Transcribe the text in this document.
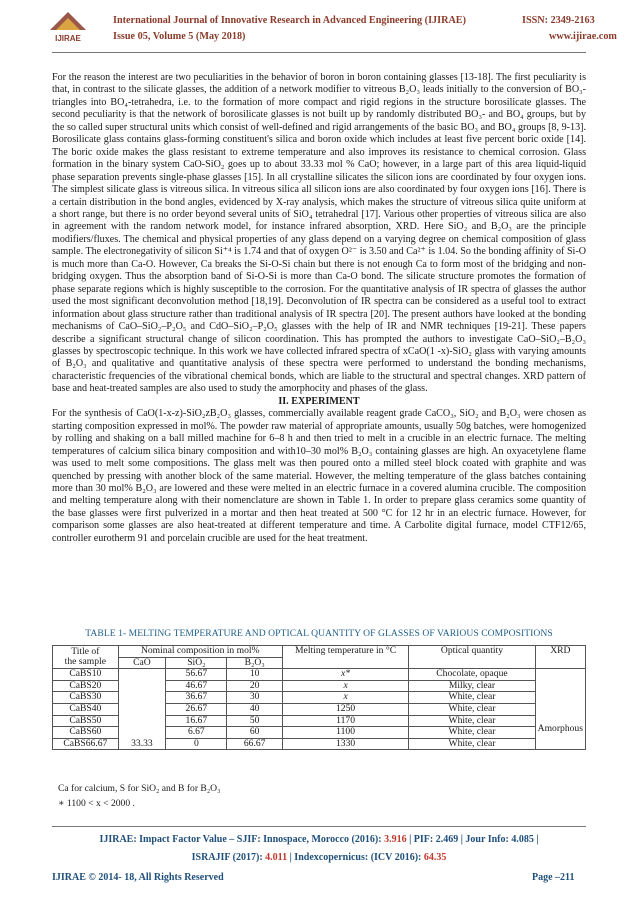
IJIRAE
International Journal of Innovative Research in Advanced Engineering (IJIRAE)	ISSN: 2349-2163
Issue 05, Volume 5 (May 2018)	www.ijirae.com

For the reason the interest are two peculiarities in the behavior of boron in boron containing glasses [13-18]. The first peculiarity is that, in contrast to the silicate glasses, the addition of a network modifier to vitreous B₂O₃ leads initially to the conversion of BO₃-triangles into BO₄-tetrahedra, i.e. to the formation of more compact and rigid regions in the structure borosilicate glasses. The second peculiarity is that the network of borosilicate glasses is not built up by randomly distributed BO₃- and BO₄ groups, but by the so called super structural units which consist of well-defined and rigid arrangements of the basic BO₃ and BO₄ groups [8, 9-13]. Borosilicate glass contains glass-forming constituent's silica and boron oxide which includes at least five percent boric oxide [14]. The boric oxide makes the glass resistant to extreme temperature and also improves its resistance to chemical corrosion. Glass formation in the binary system CaO-SiO₂ goes up to about 33.33 mol % CaO; however, in a large part of this area liquid-liquid phase separation prevents single-phase glasses [15]. In all crystalline silicates the silicon ions are coordinated by four oxygen ions. The simplest silicate glass is vitreous silica. In vitreous silica all silicon ions are also coordinated by four oxygen ions [16]. There is a certain distribution in the bond angles, evidenced by X-ray analysis, which makes the structure of vitreous silica quite uniform at a short range, but there is no order beyond several units of SiO₄ tetrahedral [17]. Various other properties of vitreous silica are also in agreement with the random network model, for instance infrared absorption, XRD. Here SiO₂ and B₂O₃ are the principle modifiers/fluxes. The chemical and physical properties of any glass depend on a varying degree on chemical composition of glass sample. The electronegativity of silicon Si⁺⁴ is 1.74 and that of oxygen O²⁻ is 3.50 and Ca²⁺ is 1.04. So the bonding affinity of Si-O is much more than Ca-O. However, Ca breaks the Si-O-Si chain but there is not enough Ca to form most of the bridging and non-bridging oxygen. Thus the absorption band of Si-O-Si is more than Ca-O bond. The silicate structure promotes the formation of phase separate regions which is highly susceptible to the corrosion. For the quantitative analysis of IR spectra of glasses the author used the most significant deconvolution method [18,19]. Deconvolution of IR spectra can be considered as a useful tool to extract information about glass structure rather than traditional analysis of IR spectra [20]. The present authors have looked at the bonding mechanisms of CaO–SiO₂–P₂O₅ and CdO–SiO₂–P₂O₅ glasses with the help of IR and NMR techniques [19-21]. These papers describe a significant structural change of silicon coordination. This has prompted the authors to investigate CaO–SiO₂–B₂O₃ glasses by spectroscopic technique. In this work we have collected infrared spectra of xCaO(1 -x)-SiO₂ glass with varying amounts of B₂O₃ and qualitative and quantitative analysis of these spectra were performed to understand the bonding mechanisms, characteristic frequencies of the vibrational chemical bonds, which are liable to the structural and spectral changes. XRD pattern of base and heat-treated samples are also used to study the amorphocity and phases of the glass.

II. EXPERIMENT

For the synthesis of CaO(1-x-z)-SiO₂zB₂O₃ glasses, commercially available reagent grade CaCO₃, SiO₂ and B₂O₃ were chosen as starting composition expressed in mol%. The powder raw material of appropriate amounts, usually 50g batches, were homogenized by rolling and shaking on a ball milled machine for 6–8 h and then tried to melt in a crucible in an electric furnace. The melting temperatures of calcium silica binary composition and with10–30 mol% B₂O₃ containing glasses are high. An oxyacetylene flame was used to melt some compositions. The glass melt was then poured onto a milled steel block coated with graphite and was quenched by pressing with another block of the same material. However, the melting temperature of the glass batches containing more than 30 mol% B₂O₃ are lowered and these were melted in an electric furnace in a covered alumina crucible. The composition and melting temperature along with their nomenclature are shown in Table 1. In order to prepare glass ceramics some quantity of the base glasses were first pulverized in a mortar and then heat treated at 500 °C for 12 hr in an electric furnace. However, for comparison some glasses are also heat-treated at different temperature and time. A Carbolite digital furnace, model CTF12/65, controller eurotherm 91 and porcelain crucible are used for the heat treatment.

TABLE 1- MELTING TEMPERATURE AND OPTICAL QUANTITY OF GLASSES OF VARIOUS COMPOSITIONS
Title of
the sample	Nominal composition in mol%			Melting temperature in °C	Optical quantity	XRD
	CaO	SiO₂	B₂O₃			
CaBS10	33.33	56.67	10	x*	Chocolate, opaque	Amorphous
CaBS20		46.67	20	x	Milky, clear	
CaBS30		36.67	30	x	White, clear	
CaBS40		26.67	40	1250	White, clear	
CaBS50		16.67	50	1170	White, clear	
CaBS60		6.67	60	1100	White, clear	
CaBS66.67		0	66.67	1330	White, clear	
Ca for calcium, S for SiO₂ and B for B₂O₃
∗ 1100 < x < 2000 .
IJIRAE: Impact Factor Value – SJIF: Innospace, Morocco (2016): 3.916 | PIF: 2.469 | Jour Info: 4.085 |
ISRAJIF (2017): 4.011 | Indexcopernicus: (ICV 2016): 64.35
IJIRAE © 2014- 18, All Rights Reserved	Page –211
